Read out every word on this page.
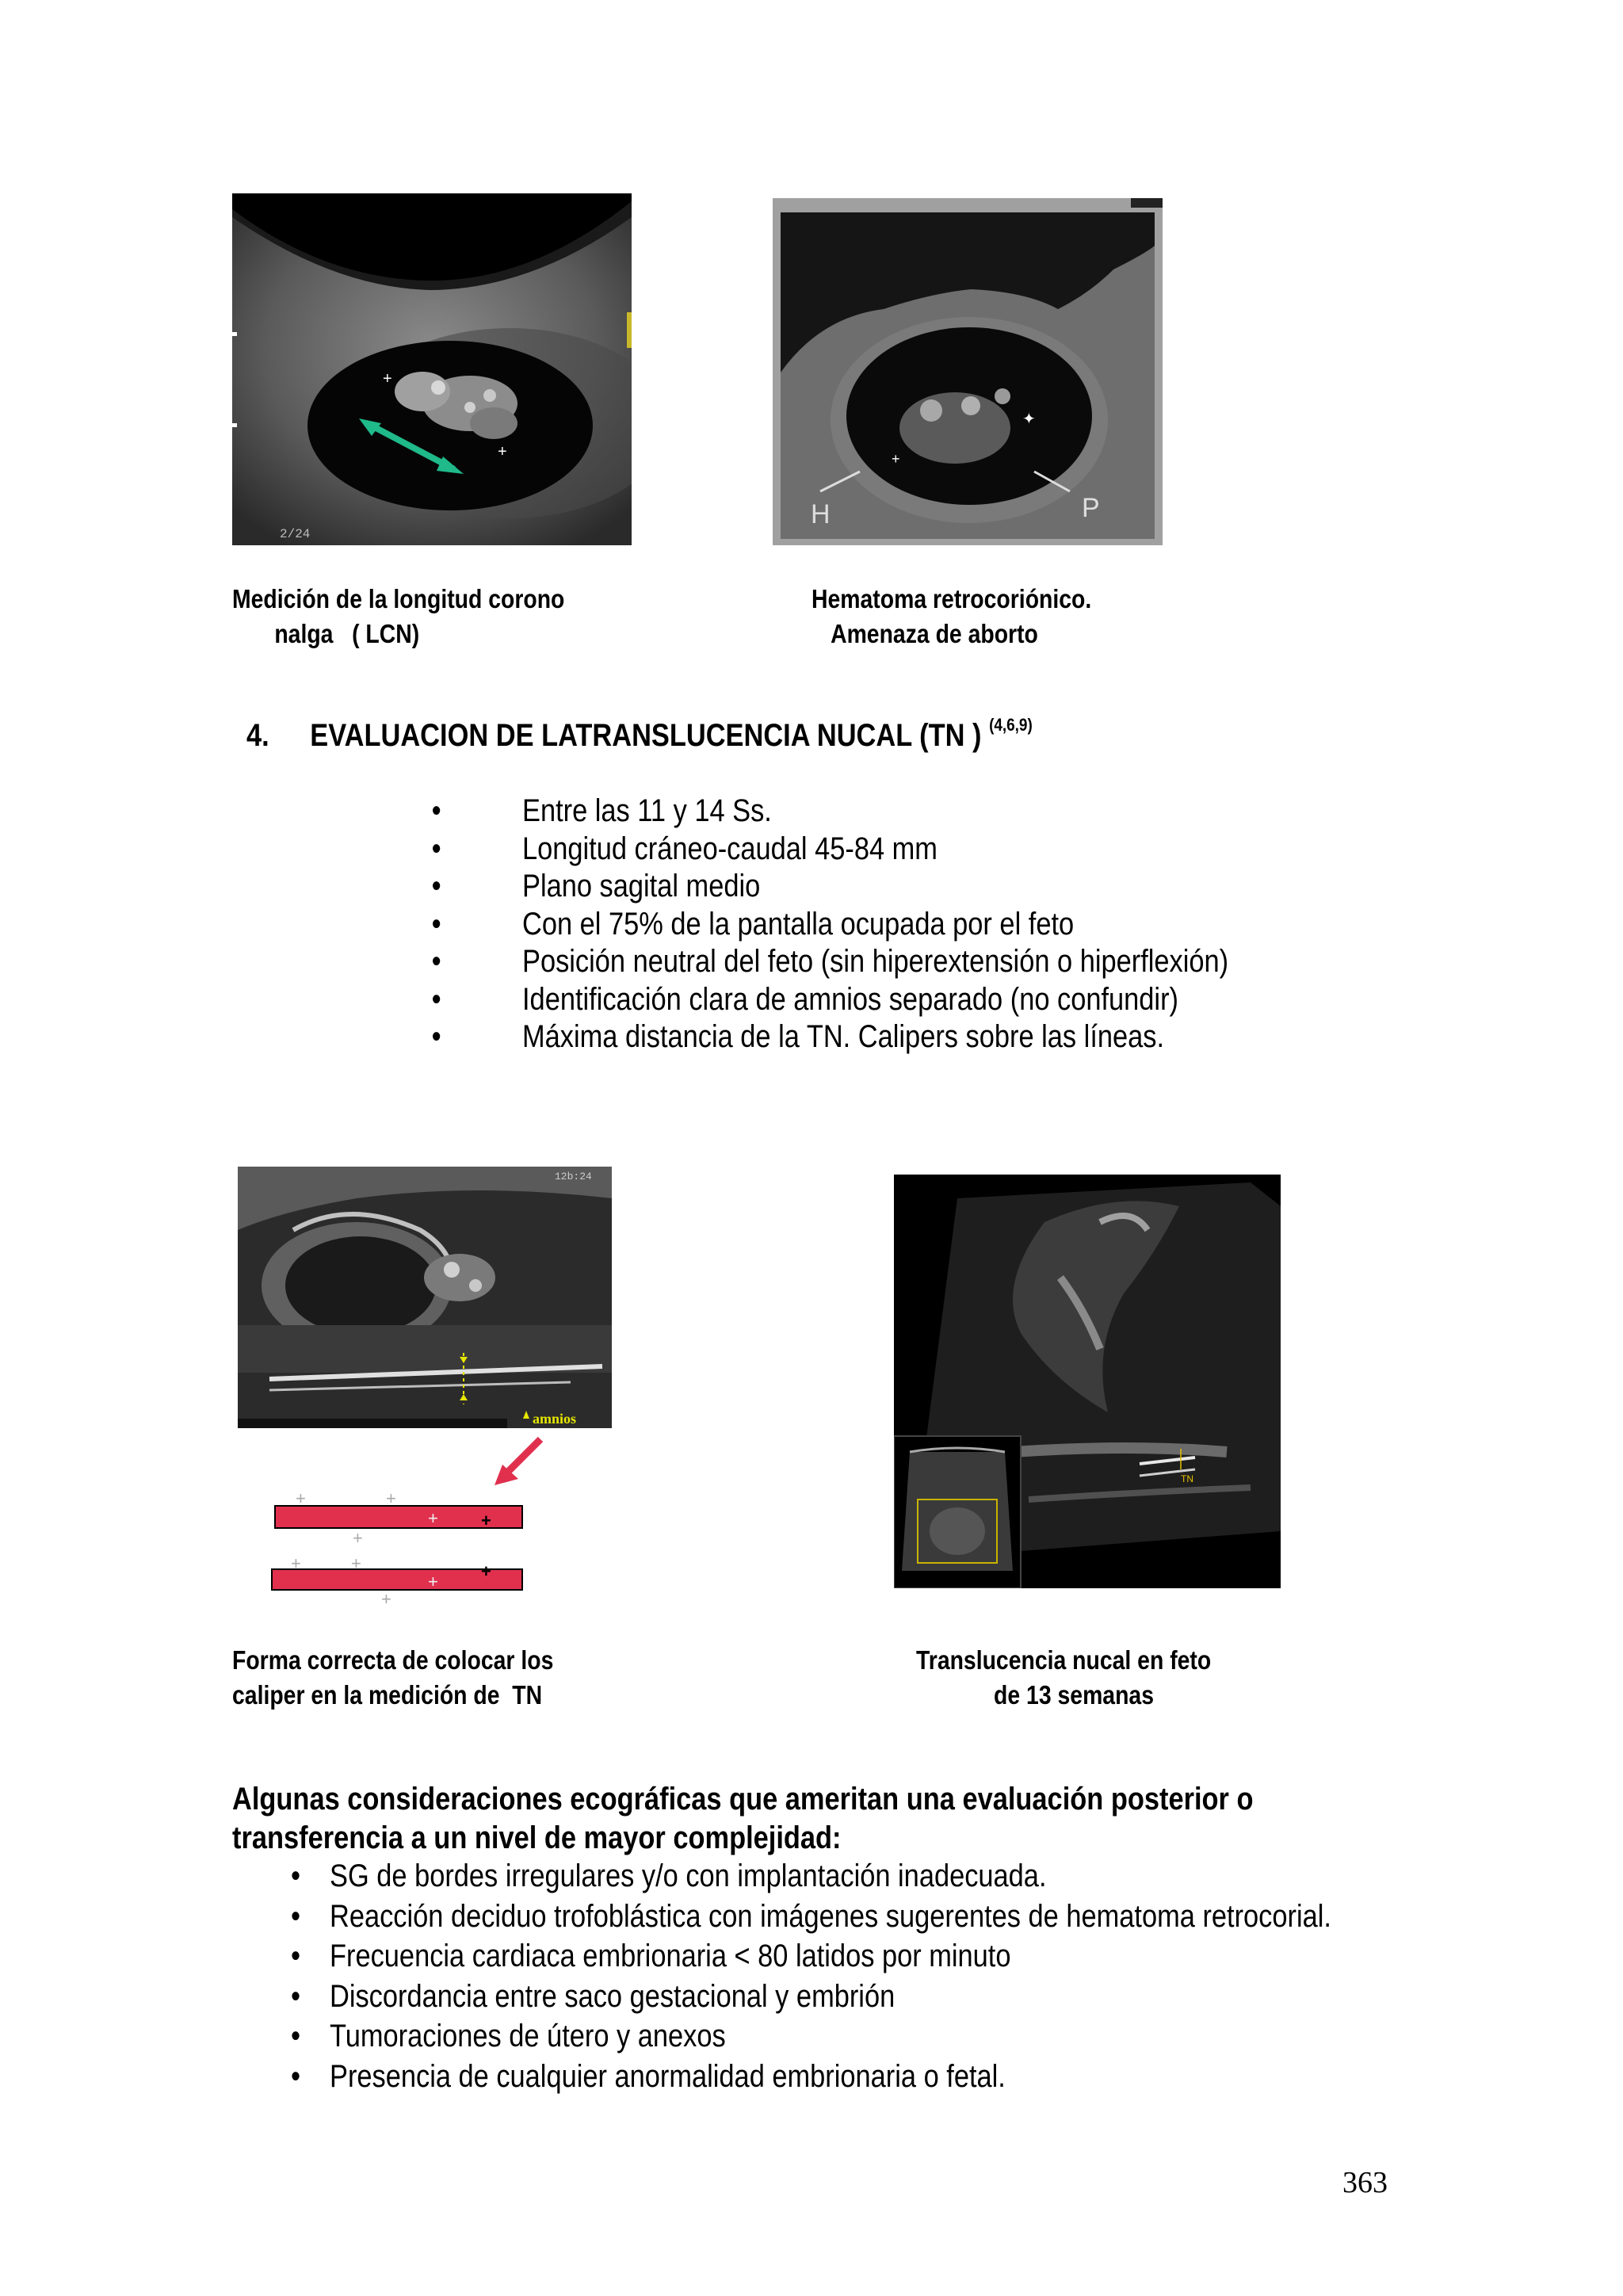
+
+
2/24
✦
+
H	P
Medición de la longitud corono
nalga   ( LCN)
Hematoma retrocoriónico.
Amenaza de aborto
4. EVALUACION DE LATRANSLUCENCIA NUCAL (TN ) $^{(4,6,9)}$
•	Entre las 11 y 14 Ss.
•	Longitud cráneo-caudal 45-84 mm
•	Plano sagital medio
•	Con el 75% de la pantalla ocupada por el feto
•	Posición neutral del feto (sin hiperextensión o hiperflexión)
•	Identificación clara de amnios separado (no confundir)
•	Máxima distancia de la TN. Calipers sobre las líneas.
amnios
12b:24
+	+
+
+ +
+	+
+
+
+
TN
Forma correcta de colocar los
caliper en la medición de  TN
Translucencia nucal en feto
de 13 semanas
Algunas consideraciones ecográficas que ameritan una evaluación posterior o
transferencia a un nivel de mayor complejidad:
• SG de bordes irregulares y/o con implantación inadecuada.
• Reacción deciduo trofoblástica con imágenes sugerentes de hematoma retrocorial.
• Frecuencia cardiaca embrionaria < 80 latidos por minuto
• Discordancia entre saco gestacional y embrión
• Tumoraciones de útero y anexos
• Presencia de cualquier anormalidad embrionaria o fetal.
363
